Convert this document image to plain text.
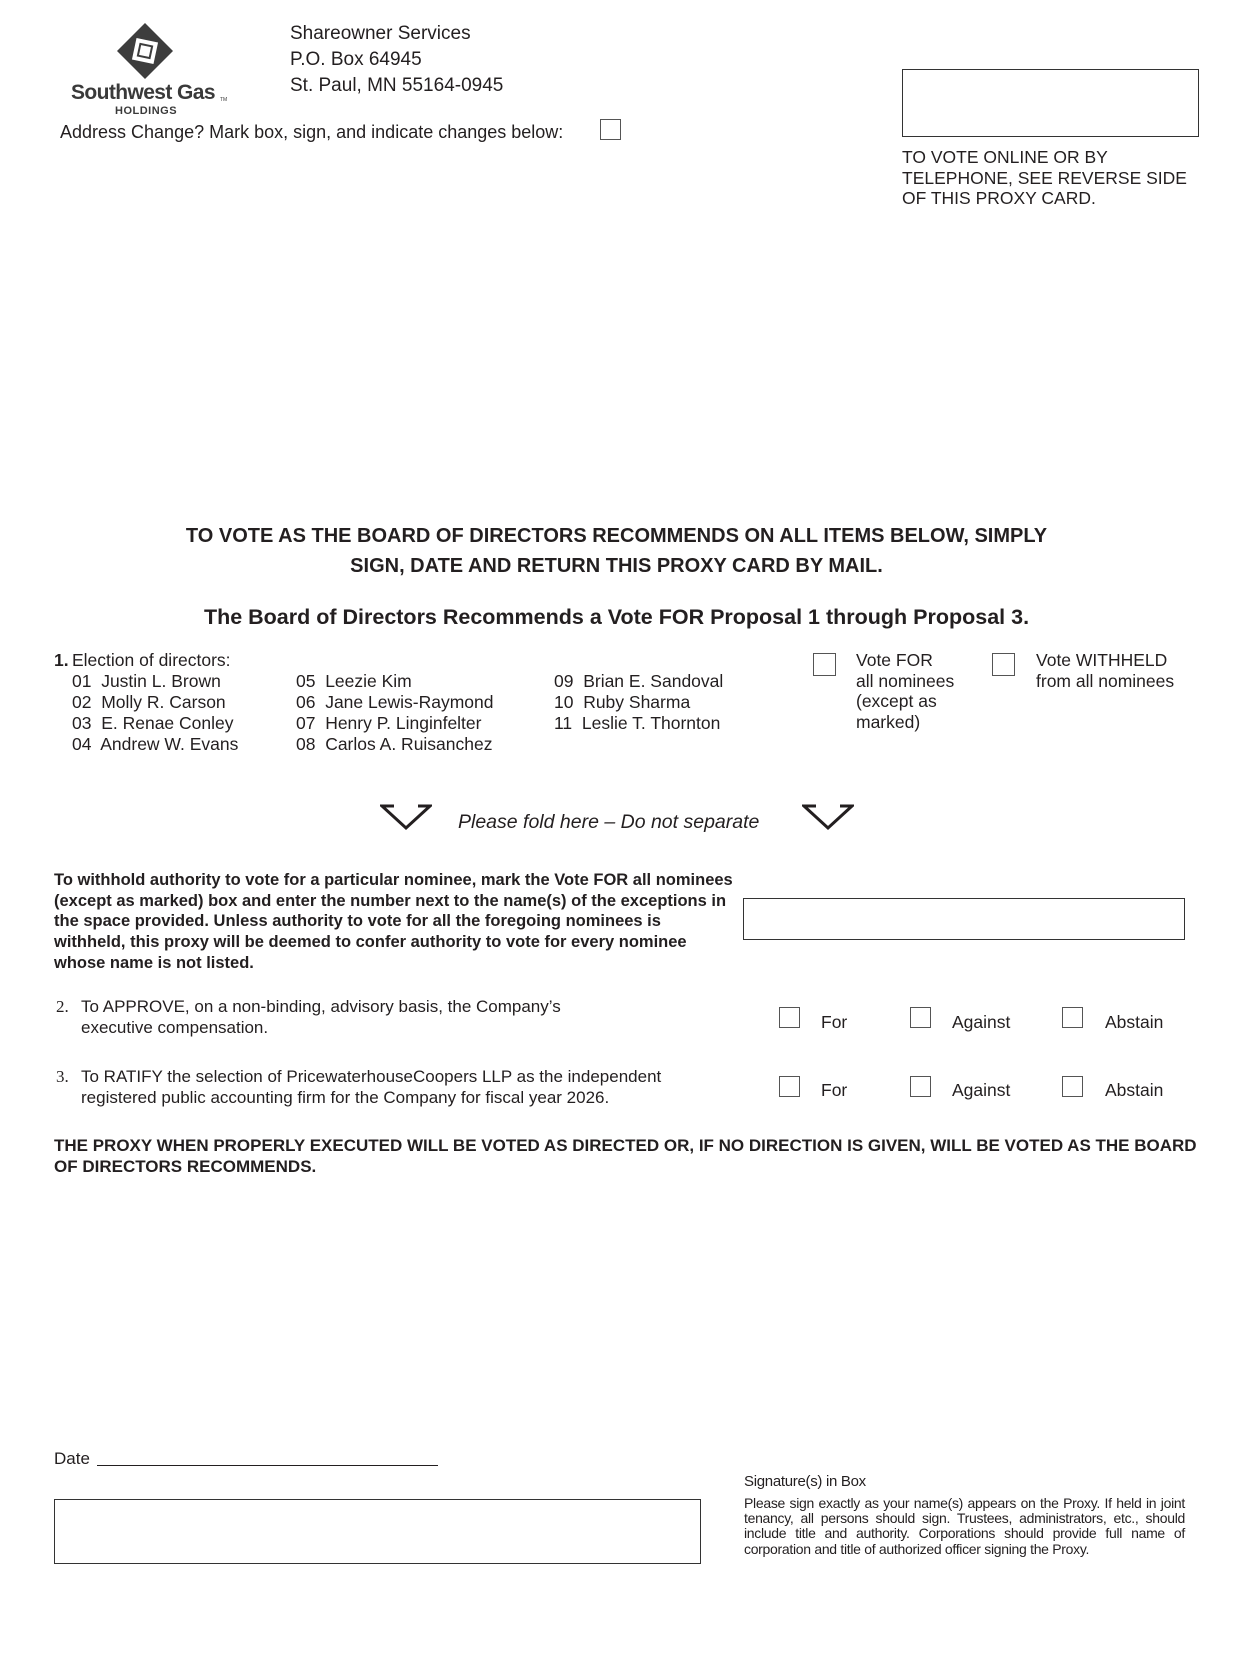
Southwest Gas TM
HOLDINGS
Shareowner Services
P.O. Box 64945
St. Paul, MN 55164-0945
Address Change? Mark box, sign, and indicate changes below:
TO VOTE ONLINE OR BY TELEPHONE, SEE REVERSE SIDE OF THIS PROXY CARD.
TO VOTE AS THE BOARD OF DIRECTORS RECOMMENDS ON ALL ITEMS BELOW, SIMPLY
SIGN, DATE AND RETURN THIS PROXY CARD BY MAIL.
The Board of Directors Recommends a Vote FOR Proposal 1 through Proposal 3.
1. Election of directors:
01  Justin L. Brown
02  Molly R. Carson
03  E. Renae Conley
04  Andrew W. Evans
05  Leezie Kim
06  Jane Lewis-Raymond
07  Henry P. Linginfelter
08  Carlos A. Ruisanchez
09  Brian E. Sandoval
10  Ruby Sharma
11  Leslie T. Thornton
Vote FOR
all nominees
(except as
marked)
Vote WITHHELD
from all nominees
Please fold here – Do not separate
To withhold authority to vote for a particular nominee, mark the Vote FOR all nominees (except as marked) box and enter the number next to the name(s) of the exceptions in the space provided. Unless authority to vote for all the foregoing nominees is withheld, this proxy will be deemed to confer authority to vote for every nominee whose name is not listed.
2. To APPROVE, on a non-binding, advisory basis, the Company’s
executive compensation.	For	Against	Abstain
3. To RATIFY the selection of PricewaterhouseCoopers LLP as the independent
registered public accounting firm for the Company for fiscal year 2026.	For	Against	Abstain
THE PROXY WHEN PROPERLY EXECUTED WILL BE VOTED AS DIRECTED OR, IF NO DIRECTION IS GIVEN, WILL BE VOTED AS THE BOARD OF DIRECTORS RECOMMENDS.
Date
Signature(s) in Box
Please sign exactly as your name(s) appears on the Proxy. If held in joint tenancy, all persons should sign. Trustees, administrators, etc., should include title and authority. Corporations should provide full name of corporation and title of authorized officer signing the Proxy.
